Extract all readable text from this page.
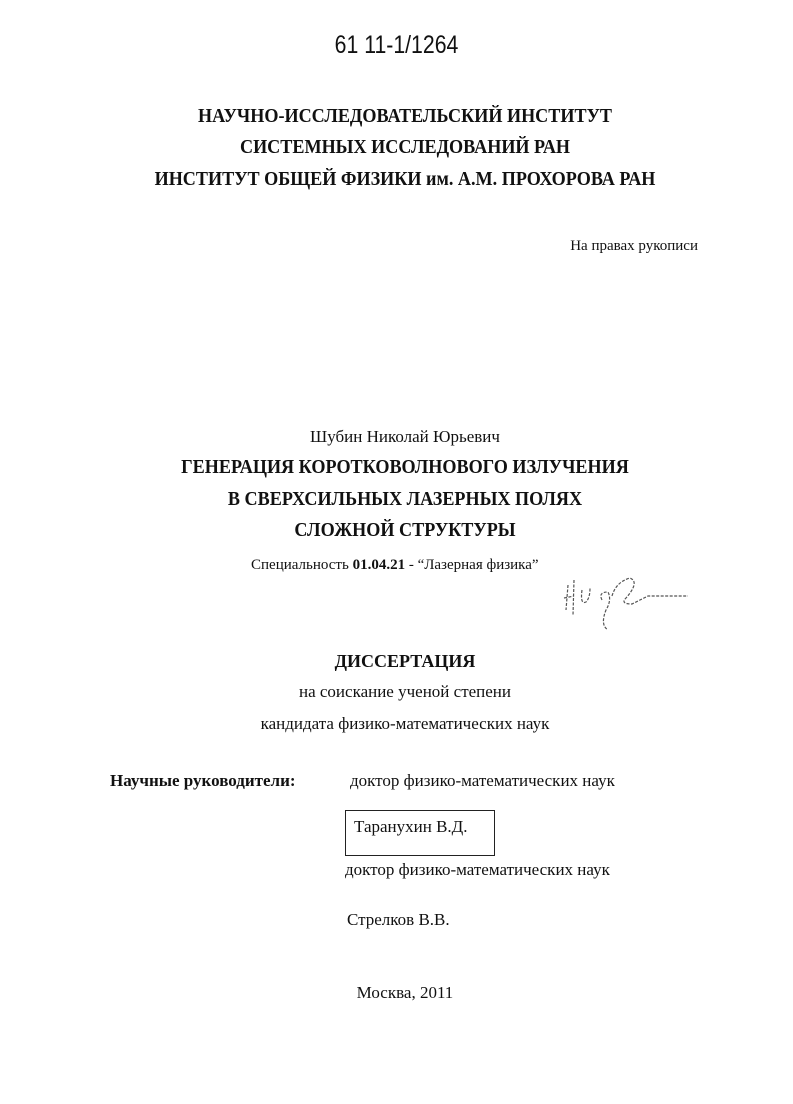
61 11-1/1264
НАУЧНО-ИССЛЕДОВАТЕЛЬСКИЙ ИНСТИТУТ
СИСТЕМНЫХ ИССЛЕДОВАНИЙ РАН
ИНСТИТУТ ОБЩЕЙ ФИЗИКИ им. А.М. ПРОХОРОВА РАН
На правах рукописи
Шубин Николай Юрьевич
ГЕНЕРАЦИЯ КОРОТКОВОЛНОВОГО ИЗЛУЧЕНИЯ
В СВЕРХСИЛЬНЫХ ЛАЗЕРНЫХ ПОЛЯХ
СЛОЖНОЙ СТРУКТУРЫ
Специальность 01.04.21 - “Лазерная физика”
ДИССЕРТАЦИЯ
на соискание ученой степени
кандидата физико-математических наук
Научные руководители:	доктор физико-математических наук
Таранухин В.Д.
доктор физико-математических наук
Стрелков В.В.
Москва, 2011
